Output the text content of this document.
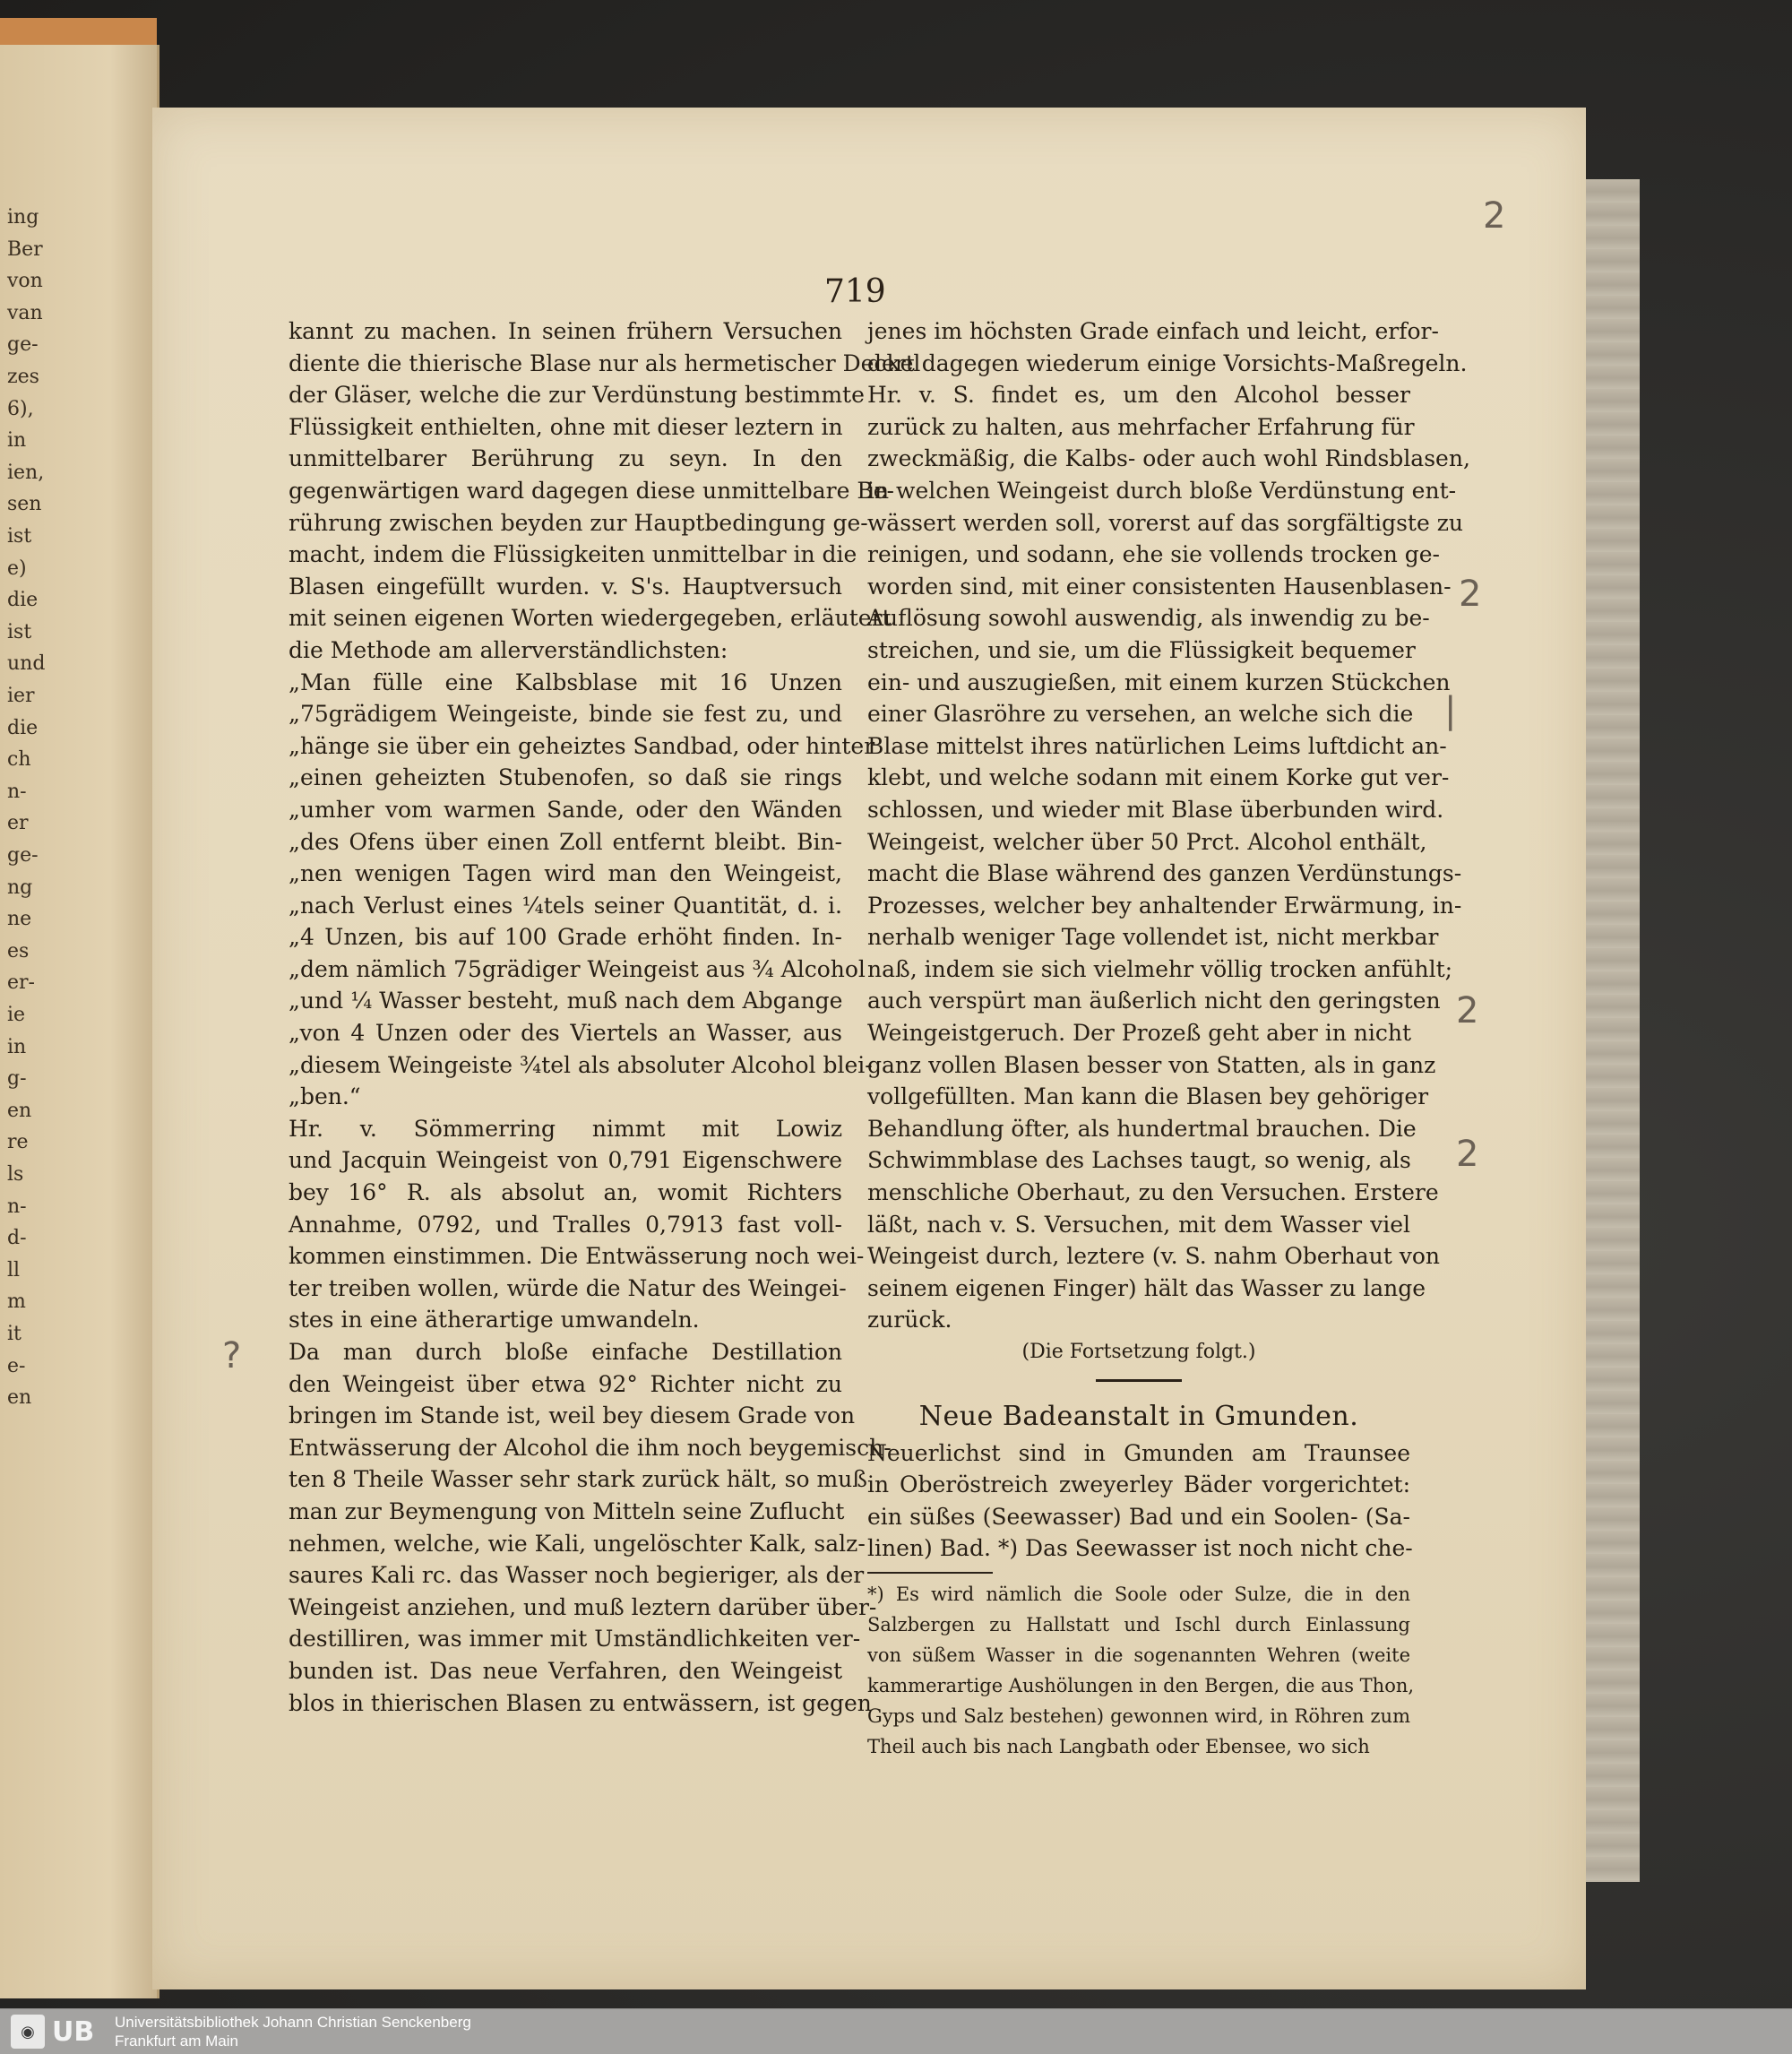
ing
Ber
von
van
ge-
zes
6),
in
ien,
sen
ist
e)
die
ist
und
ier
die
ch
n-
er
ge-
ng
ne
es
er-
ie
in
g-
en
re
ls
n-
d-
ll
m
it
e-
en
719
kannt zu machen. In seinen frühern Versuchen
diente die thierische Blase nur als hermetischer Deckel
der Gläser, welche die zur Verdünstung bestimmte
Flüssigkeit enthielten, ohne mit dieser leztern in
unmittelbarer Berührung zu seyn. In den
gegenwärtigen ward dagegen diese unmittelbare Be-
rührung zwischen beyden zur Hauptbedingung ge-
macht, indem die Flüssigkeiten unmittelbar in die
Blasen eingefüllt wurden. v. S's. Hauptversuch
mit seinen eigenen Worten wiedergegeben, erläutert
die Methode am allerverständlichsten:
„Man fülle eine Kalbsblase mit 16 Unzen
„75grädigem Weingeiste, binde sie fest zu, und
„hänge sie über ein geheiztes Sandbad, oder hinter
„einen geheizten Stubenofen, so daß sie rings
„umher vom warmen Sande, oder den Wänden
„des Ofens über einen Zoll entfernt bleibt. Bin-
„nen wenigen Tagen wird man den Weingeist,
„nach Verlust eines ¼tels seiner Quantität, d. i.
„4 Unzen, bis auf 100 Grade erhöht finden. In-
„dem nämlich 75grädiger Weingeist aus ¾ Alcohol
„und ¼ Wasser besteht, muß nach dem Abgange
„von 4 Unzen oder des Viertels an Wasser, aus
„diesem Weingeiste ¾tel als absoluter Alcohol blei-
„ben.“
Hr. v. Sömmerring nimmt mit Lowiz
und Jacquin Weingeist von 0,791 Eigenschwere
bey 16° R. als absolut an, womit Richters
Annahme, 0792, und Tralles 0,7913 fast voll-
kommen einstimmen. Die Entwässerung noch wei-
ter treiben wollen, würde die Natur des Weingei-
stes in eine ätherartige umwandeln.
Da man durch bloße einfache Destillation
den Weingeist über etwa 92° Richter nicht zu
bringen im Stande ist, weil bey diesem Grade von
Entwässerung der Alcohol die ihm noch beygemisch-
ten 8 Theile Wasser sehr stark zurück hält, so muß
man zur Beymengung von Mitteln seine Zuflucht
nehmen, welche, wie Kali, ungelöschter Kalk, salz-
saures Kali rc. das Wasser noch begieriger, als der
Weingeist anziehen, und muß leztern darüber über-
destilliren, was immer mit Umständlichkeiten ver-
bunden ist. Das neue Verfahren, den Weingeist
blos in thierischen Blasen zu entwässern, ist gegen
jenes im höchsten Grade einfach und leicht, erfor-
dert dagegen wiederum einige Vorsichts-Maßregeln.
Hr. v. S. findet es, um den Alcohol besser
zurück zu halten, aus mehrfacher Erfahrung für
zweckmäßig, die Kalbs- oder auch wohl Rindsblasen,
in welchen Weingeist durch bloße Verdünstung ent-
wässert werden soll, vorerst auf das sorgfältigste zu
reinigen, und sodann, ehe sie vollends trocken ge-
worden sind, mit einer consistenten Hausenblasen-
Auflösung sowohl auswendig, als inwendig zu be-
streichen, und sie, um die Flüssigkeit bequemer
ein- und auszugießen, mit einem kurzen Stückchen
einer Glasröhre zu versehen, an welche sich die
Blase mittelst ihres natürlichen Leims luftdicht an-
klebt, und welche sodann mit einem Korke gut ver-
schlossen, und wieder mit Blase überbunden wird.
Weingeist, welcher über 50 Prct. Alcohol enthält,
macht die Blase während des ganzen Verdünstungs-
Prozesses, welcher bey anhaltender Erwärmung, in-
nerhalb weniger Tage vollendet ist, nicht merkbar
naß, indem sie sich vielmehr völlig trocken anfühlt;
auch verspürt man äußerlich nicht den geringsten
Weingeistgeruch. Der Prozeß geht aber in nicht
ganz vollen Blasen besser von Statten, als in ganz
vollgefüllten. Man kann die Blasen bey gehöriger
Behandlung öfter, als hundertmal brauchen. Die
Schwimmblase des Lachses taugt, so wenig, als
menschliche Oberhaut, zu den Versuchen. Erstere
läßt, nach v. S. Versuchen, mit dem Wasser viel
Weingeist durch, leztere (v. S. nahm Oberhaut von
seinem eigenen Finger) hält das Wasser zu lange
zurück.
(Die Fortsetzung folgt.)
Neue Badeanstalt in Gmunden.
Neuerlichst sind in Gmunden am Traunsee
in Oberöstreich zweyerley Bäder vorgerichtet:
ein süßes (Seewasser) Bad und ein Soolen- (Sa-
linen) Bad. *) Das Seewasser ist noch nicht che-
*) Es wird nämlich die Soole oder Sulze, die in den
Salzbergen zu Hallstatt und Ischl durch Einlassung
von süßem Wasser in die sogenannten Wehren (weite
kammerartige Aushölungen in den Bergen, die aus Thon,
Gyps und Salz bestehen) gewonnen wird, in Röhren zum
Theil auch bis nach Langbath oder Ebensee, wo sich
2
2
|
2
2
?
◉ UB Universitätsbibliothek Johann Christian Senckenberg
Frankfurt am Main
